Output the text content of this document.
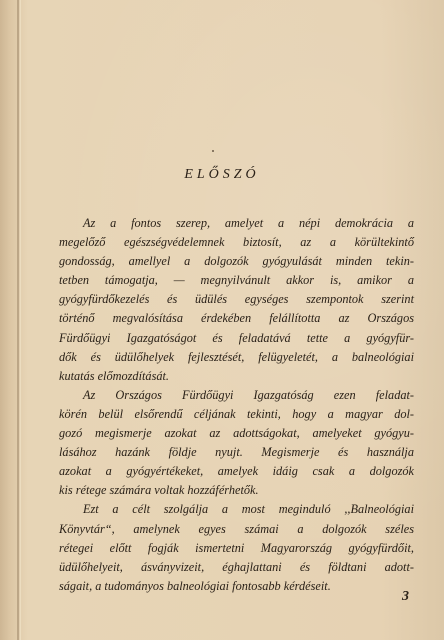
ELŐSZÓ
Az a fontos szerep, amelyet a népi demokrácia a
megelőző egészségvédelemnek biztosít, az a körültekintő
gondosság, amellyel a dolgozók gyógyulását minden tekin-
tetben támogatja, — megnyilvánult akkor is, amikor a
gyógyfürdőkezelés és üdülés egységes szempontok szerint
történő megvalósítása érdekében felállította az Országos
Fürdőügyi Igazgatóságot és feladatává tette a gyógyfür-
dők és üdülőhelyek fejlesztését, felügyeletét, a balneológiai
kutatás előmozdítását.
Az Országos Fürdőügyi Igazgatóság ezen feladat-
körén belül elsőrendű céljának tekinti, hogy a magyar dol-
gozó megismerje azokat az adottságokat, amelyeket gyógyu-
lásához hazánk földje nyujt. Megismerje és használja
azokat a gyógyértékeket, amelyek idáig csak a dolgozók
kis rétege számára voltak hozzáférhetők.
Ezt a célt szolgálja a most meginduló ,,Balneológiai
Könyvtár“, amelynek egyes számai a dolgozók széles
rétegei előtt fogják ismertetni Magyarország gyógyfürdőit,
üdülőhelyeit, ásványvizeit, éghajlattani és földtani adott-
ságait, a tudományos balneológiai fontosabb kérdéseit.
3
